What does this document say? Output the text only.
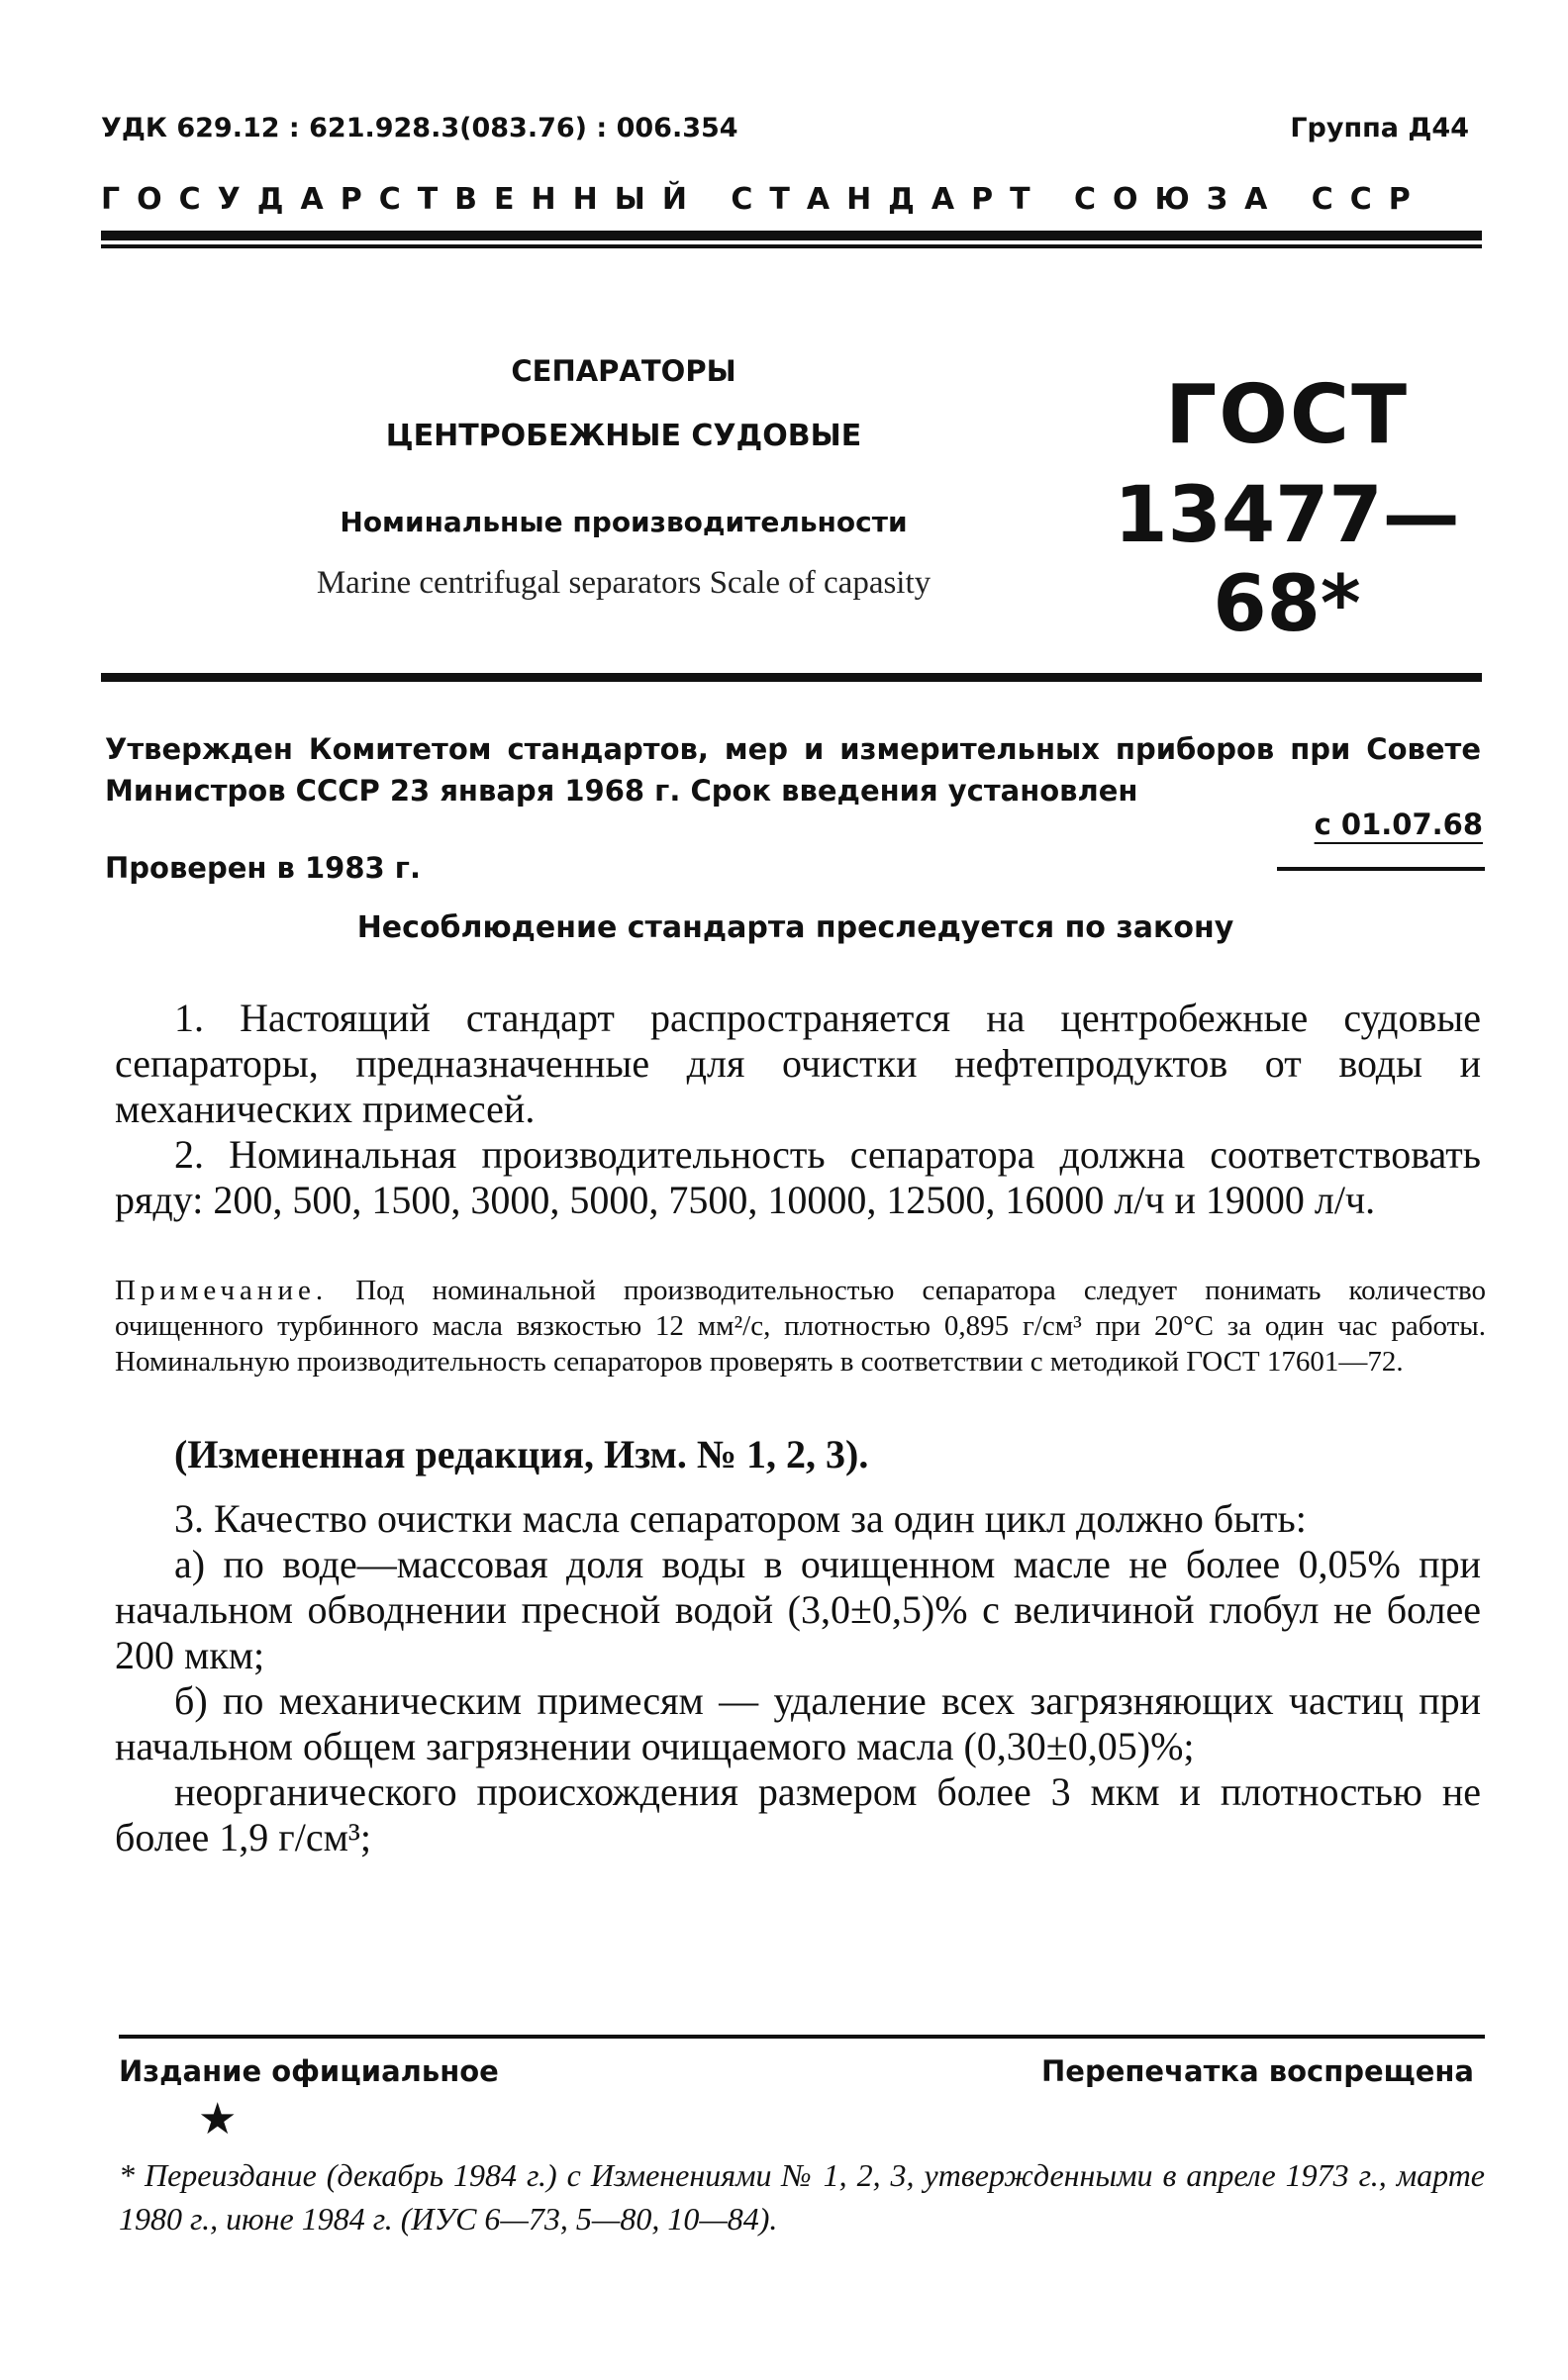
УДК 629.12 : 621.928.3(083.76) : 006.354	Группа Д44
ГОСУДАРСТВЕННЫЙ СТАНДАРТ СОЮЗА ССР
СЕПАРАТОРЫ
ЦЕНТРОБЕЖНЫЕ СУДОВЫЕ
Номинальные производительности
Marine centrifugal separators Scale of capasity
ГОСТ
13477—68*
Утвержден Комитетом стандартов, мер и измерительных приборов при Совете Министров СССР 23 января 1968 г. Срок введения установлен
с 01.07.68
Проверен в 1983 г.
Несоблюдение стандарта преследуется по закону

1. Настоящий стандарт распространяется на центробежные судовые сепараторы, предназначенные для очистки нефтепродуктов от воды и механических примесей.

2. Номинальная производительность сепаратора должна соответствовать ряду: 200, 500, 1500, 3000, 5000, 7500, 10000, 12500, 16000 л/ч и 19000 л/ч.

Примечание. Под номинальной производительностью сепаратора следует понимать количество очищенного турбинного масла вязкостью 12 мм²/с, плотностью 0,895 г/см³ при 20°С за один час работы. Номинальную производительность сепараторов проверять в соответствии с методикой ГОСТ 17601—72.
(Измененная редакция, Изм. № 1, 2, 3).

3. Качество очистки масла сепаратором за один цикл должно быть:

а) по воде—массовая доля воды в очищенном масле не более 0,05% при начальном обводнении пресной водой (3,0±0,5)% с величиной глобул не более 200 мкм;

б) по механическим примесям — удаление всех загрязняющих частиц при начальном общем загрязнении очищаемого масла (0,30±0,05)%;

неорганического происхождения размером более 3 мкм и плотностью не более 1,9 г/см³;

Издание официальное	Перепечатка воспрещена
★
* Переиздание (декабрь 1984 г.) с Изменениями № 1, 2, 3, утвержденными в апреле 1973 г., марте 1980 г., июне 1984 г. (ИУС 6—73, 5—80, 10—84).
